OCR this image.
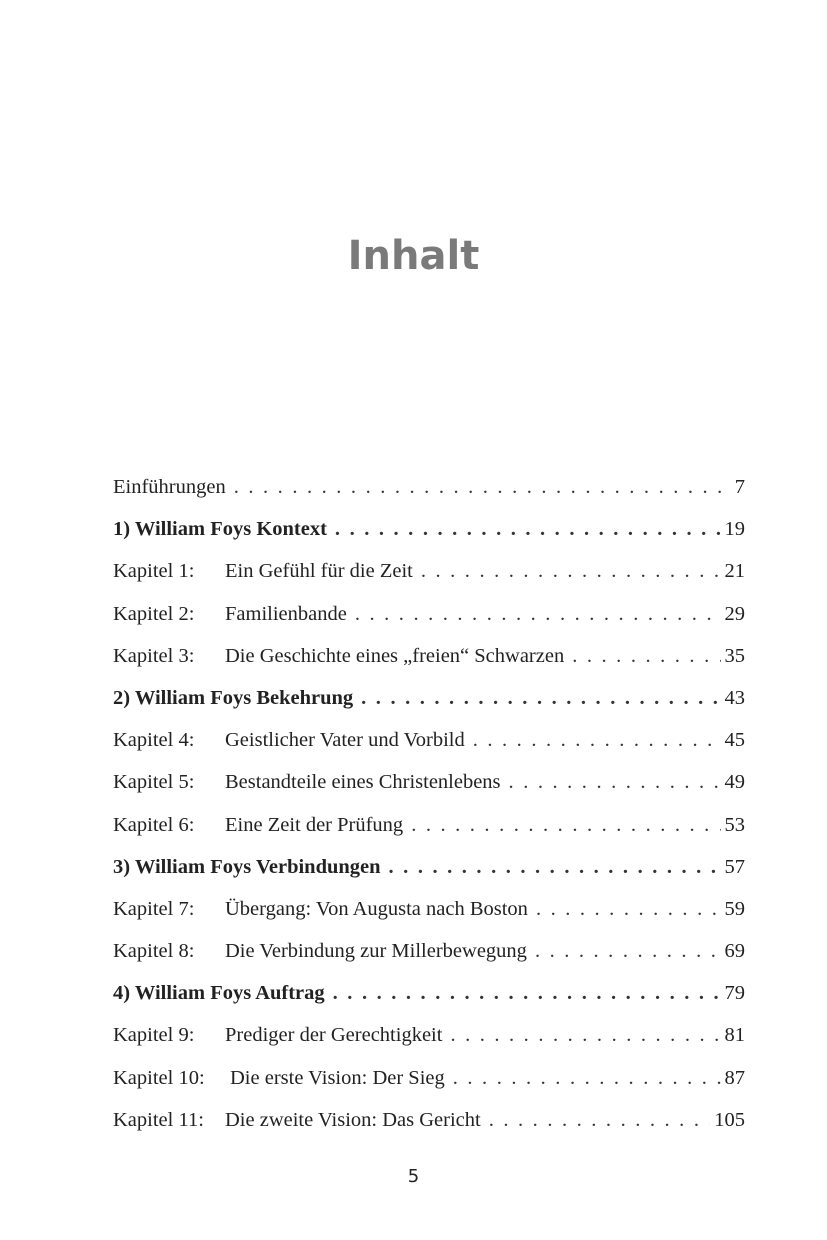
Inhalt
Einführungen . . .	7
1) William Foys Kontext . . .	19
Kapitel 1:	Ein Gefühl für die Zeit . . .	21
Kapitel 2:	Familienbande . . .	29
Kapitel 3:	Die Geschichte eines „freien“ Schwarzen . . .	35
2) William Foys Bekehrung . . .	43
Kapitel 4:	Geistlicher Vater und Vorbild . . .	45
Kapitel 5:	Bestandteile eines Christenlebens . . .	49
Kapitel 6:	Eine Zeit der Prüfung . . .	53
3) William Foys Verbindungen . . .	57
Kapitel 7:	Übergang: Von Augusta nach Boston . . .	59
Kapitel 8:	Die Verbindung zur Millerbewegung . . .	69
4) William Foys Auftrag . . .	79
Kapitel 9:	Prediger der Gerechtigkeit . . .	81
Kapitel 10:	Die erste Vision: Der Sieg . . .	87
Kapitel 11:	Die zweite Vision: Das Gericht . . .	105
5
